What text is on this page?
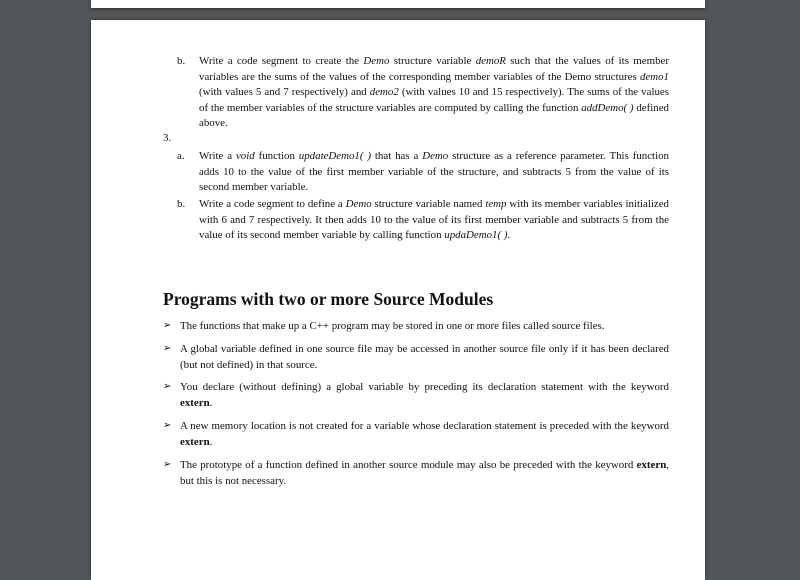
b. Write a code segment to create the Demo structure variable demoR such that the values of its member variables are the sums of the values of the corresponding member variables of the Demo structures demo1 (with values 5 and 7 respectively) and demo2 (with values 10 and 15 respectively). The sums of the values of the member variables of the structure variables are computed by calling the function addDemo( ) defined above.

3.
a. Write a void function updateDemo1( ) that has a Demo structure as a reference parameter. This function adds 10 to the value of the first member variable of the structure, and subtracts 5 from the value of its second member variable.

b. Write a code segment to define a Demo structure variable named temp with its member variables initialized with 6 and 7 respectively. It then adds 10 to the value of its first member variable and subtracts 5 from the value of its second member variable by calling function updaDemo1( ).

Programs with two or more Source Modules
➢ The functions that make up a C++ program may be stored in one or more files called source files.
➢ A global variable defined in one source file may be accessed in another source file only if it has been declared (but not defined) in that source.
➢ You declare (without defining) a global variable by preceding its declaration statement with the keyword extern.
➢ A new memory location is not created for a variable whose declaration statement is preceded with the keyword extern.
➢ The prototype of a function defined in another source module may also be preceded with the keyword extern, but this is not necessary.
